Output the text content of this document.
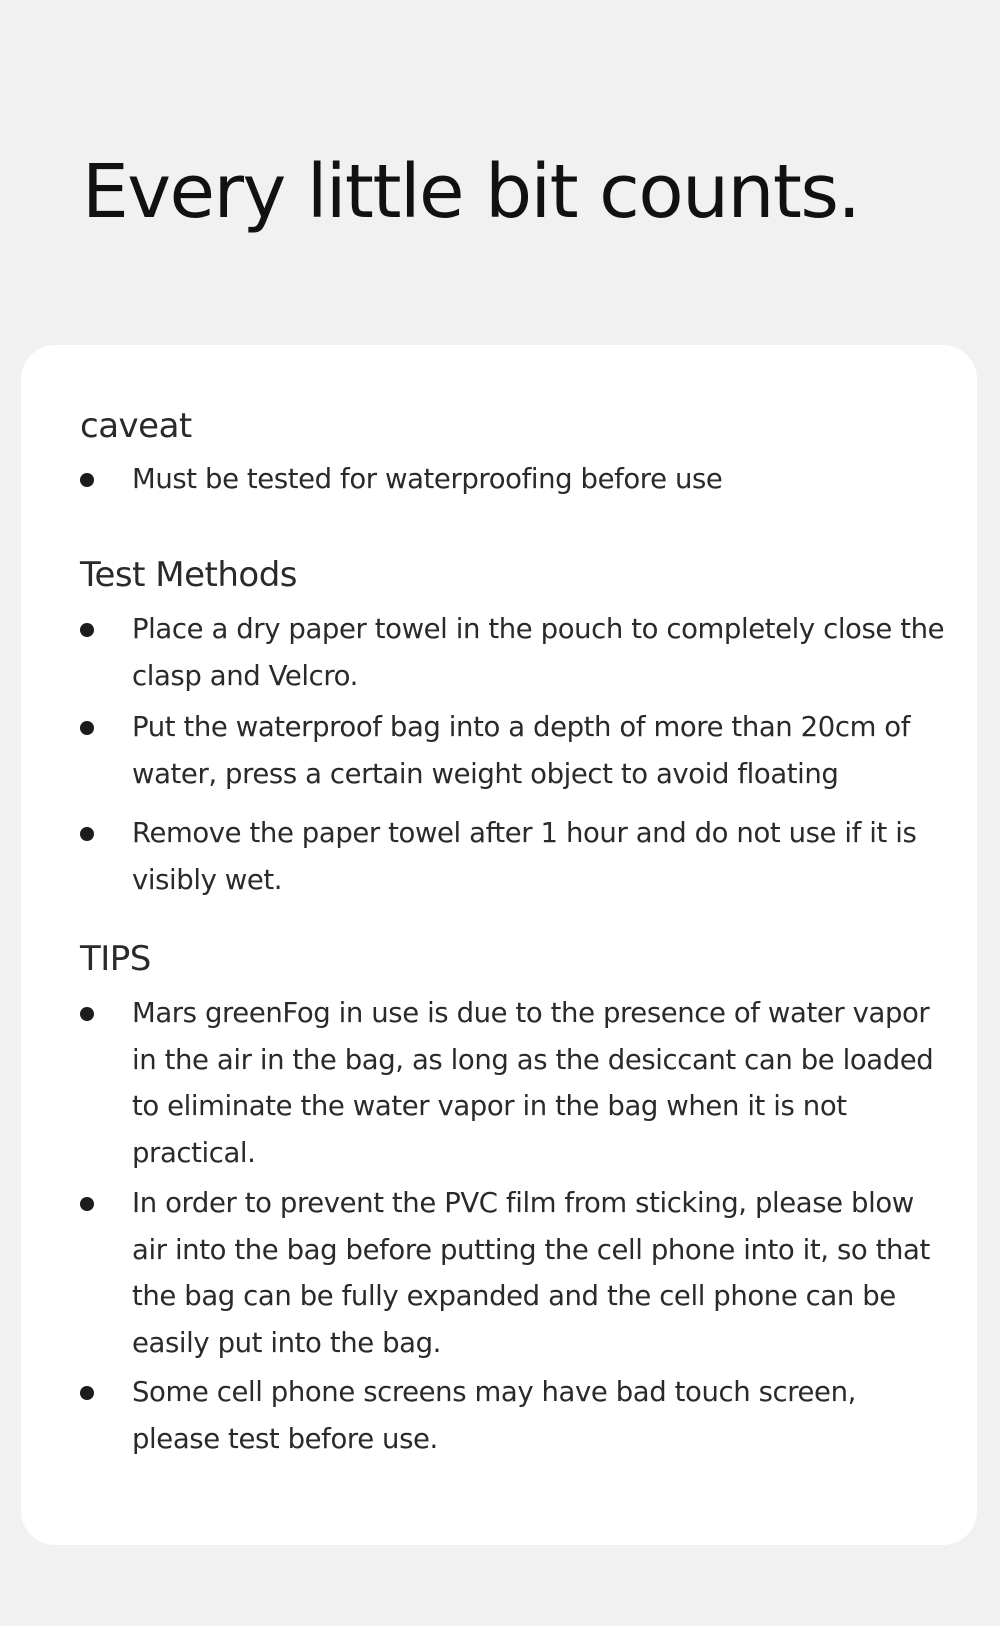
Every little bit counts.
caveat
Must be tested for waterproofing before use
Test Methods
Place a dry paper towel in the pouch to completely close the clasp and Velcro.
Put the waterproof bag into a depth of more than 20cm of water, press a certain weight object to avoid floating
Remove the paper towel after 1 hour and do not use if it is visibly wet.
TIPS
Mars greenFog in use is due to the presence of water vapor in the air in the bag, as long as the desiccant can be loaded to eliminate the water vapor in the bag when it is not practical.
In order to prevent the PVC film from sticking, please blow air into the bag before putting the cell phone into it, so that the bag can be fully expanded and the cell phone can be easily put into the bag.
Some cell phone screens may have bad touch screen, please test before use.
